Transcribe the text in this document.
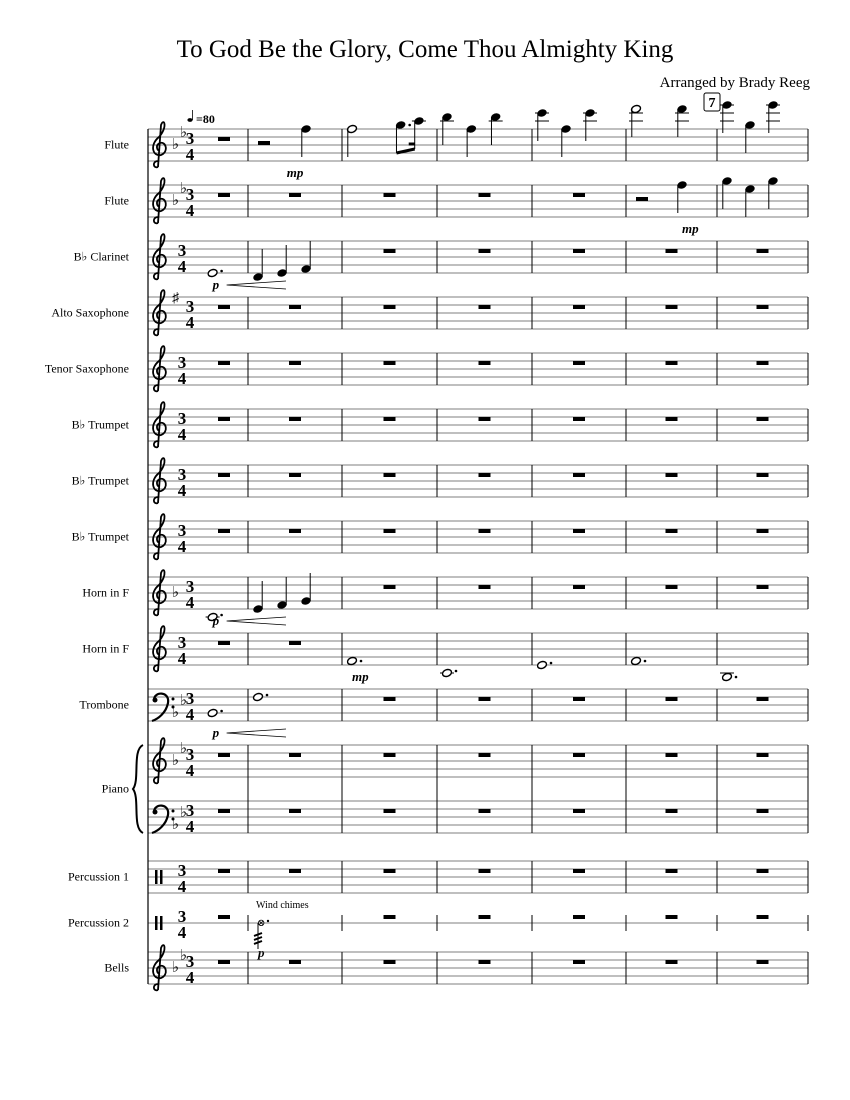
To God Be the Glory, Come Thou Almighty King
Arranged by Brady Reeg
Flute
Flute
B♭ Clarinet
Alto Saxophone
Tenor Saxophone
B♭ Trumpet
B♭ Trumpet
B♭ Trumpet
Horn in F
Horn in F
Trombone
Piano
Percussion 1
Percussion 2
Bells
♭
♭
3
4
mp
♭
♭
3
4
mp
3
4
p
♯ 3
4
3
4
3
4
3
4
3
4
♭ 3
4
p
3
4
mp
♭
♭
3
4
p
♭
♭
3
4
♭
♭
3
4
3
4
⊗
3
4
p
Wind chimes
♭
♭
3
4
=80
7
